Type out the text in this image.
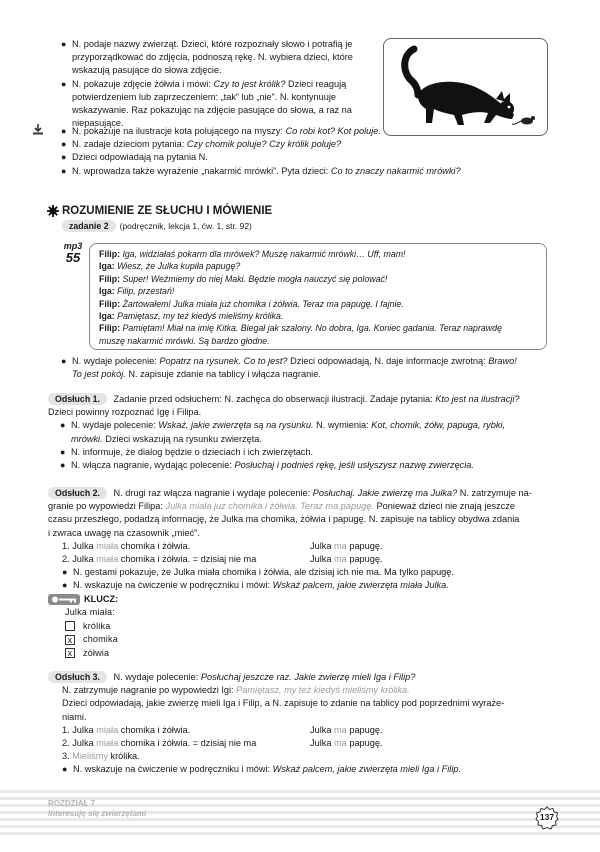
● N. podaje nazwy zwierząt. Dzieci, które rozpoznały słowo i potrafią je przyporządkować do zdjęcia, podnoszą rękę. N. wybiera dzieci, które wskazują pasujące do słowa zdjęcie.
● N. pokazuje zdjęcie żółwia i mówi: Czy to jest królik? Dzieci reagują potwierdzeniem lub zaprzeczeniem: „tak” lub „nie”. N. kontynuuje wskazywanie. Raz pokazując na zdjęcie pasujące do słowa, a raz na niepasujące.
● N. pokazuje na ilustracje kota polującego na myszy: Co robi kot? Kot poluje.
● N. zadaje dzieciom pytania: Czy chomik poluje? Czy królik poluje?
● Dzieci odpowiadają na pytania N.
● N. wprowadza także wyrażenie „nakarmić mrówki”. Pyta dzieci: Co to znaczy nakarmić mrówki?
ROZUMIENIE ZE SŁUCHU I MÓWIENIE
zadanie 2 (podręcznik, lekcja 1, ćw. 1, str. 92)
mp3
55	Filip: Iga, widziałaś pokarm dla mrówek? Muszę nakarmić mrówki… Uff, mam!
Iga: Wiesz, że Julka kupiła papugę?
Filip: Super! Weźmiemy do niej Maki. Będzie mogła nauczyć się polować!
Iga: Filip, przestań!
Filip: Żartowałem! Julka miała już chomika i żółwia. Teraz ma papugę. I fajnie.
Iga: Pamiętasz, my też kiedyś mieliśmy królika.
Filip: Pamiętam! Miał na imię Kitka. Biegał jak szalony. No dobra, Iga. Koniec gadania. Teraz naprawdę
muszę nakarmić mrówki. Są bardzo głodne.
● N. wydaje polecenie: Popatrz na rysunek. Co to jest? Dzieci odpowiadają, N. daje informacje zwrotną: Brawo!
To jest pokój. N. zapisuje zdanie na tablicy i włącza nagranie.
Odsłuch 1. Zadanie przed odsłuchem: N. zachęca do obserwacji ilustracji. Zadaje pytania: Kto jest na ilustracji?
Dzieci powinny rozpoznać Igę i Filipa.
● N. wydaje polecenie: Wskaż, jakie zwierzęta są na rysunku. N. wymienia: Kot, chomik, żółw, papuga, rybki,
mrówki. Dzieci wskazują na rysunku zwierzęta.
● N. informuje, że dialog będzie o dzieciach i ich zwierzętach.
● N. włącza nagranie, wydając polecenie: Posłuchaj i podnieś rękę, jeśli usłyszysz nazwę zwierzęcia.
Odsłuch 2. N. drugi raz włącza nagranie i wydaje polecenie: Posłuchaj. Jakie zwierzę ma Julka? N. zatrzymuje na-
granie po wypowiedzi Filipa: Julka miała już chomika i żółwia. Teraz ma papugę. Ponieważ dzieci nie znają jeszcze
czasu przeszłego, podadzą informację, że Julka ma chomika, żółwia i papugę. N. zapisuje na tablicy obydwa zdania
i zwraca uwagę na czasownik „mieć”.
1. Julka miała chomika i żółwia.	Julka ma papugę.
2. Julka miała chomika i żółwia. = dzisiaj nie ma	Julka ma papugę.
● N. gestami pokazuje, że Julka miała chomika i żółwia, ale dzisiaj ich nie ma. Ma tylko papugę.
● N. wskazuje na ćwiczenie w podręczniku i mówi: Wskaż palcem, jakie zwierzęta miała Julka.
KLUCZ:
Julka miała:
królika
x chomika
x żółwia
Odsłuch 3. N. wydaje polecenie: Posłuchaj jeszcze raz. Jakie zwierzę mieli Iga i Filip?
N. zatrzymuje nagranie po wypowiedzi Igi: Pamiętasz, my też kiedyś mieliśmy królika.
Dzieci odpowiadają, jakie zwierzę mieli Iga i Filip, a N. zapisuje to zdanie na tablicy pod poprzednimi wyraże-
niami.
1. Julka miała chomika i żółwia.	Julka ma papugę.
2. Julka miała chomika i żółwia. = dzisiaj nie ma	Julka ma papugę.
3. Mieliśmy królika.
● N. wskazuje na ćwiczenie w podręczniku i mówi: Wskaż palcem, jakie zwierzęta mieli Iga i Filip.
ROZDZIAŁ 7
Interesuję się zwierzętami	137
